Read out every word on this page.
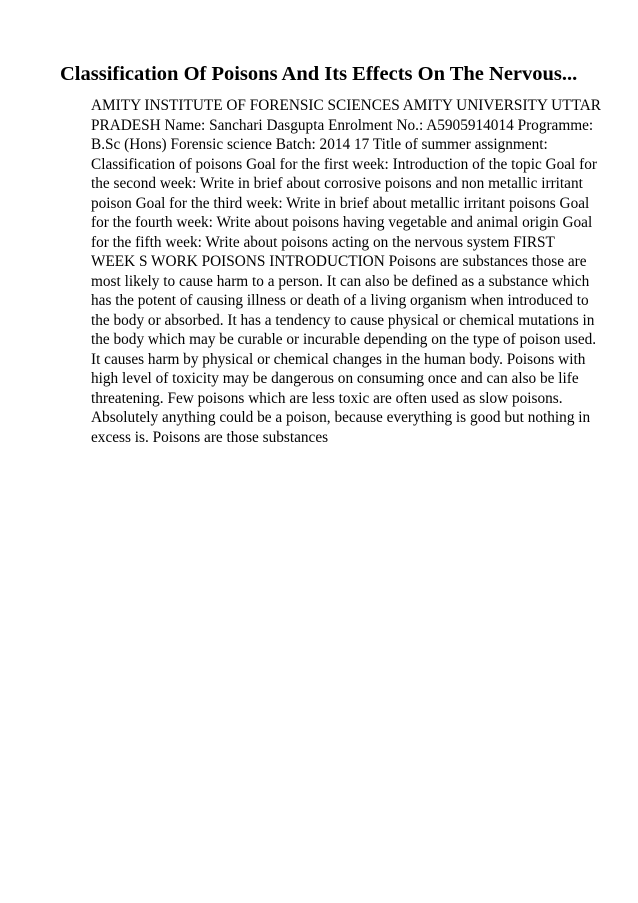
Classification Of Poisons And Its Effects On The Nervous...
AMITY INSTITUTE OF FORENSIC SCIENCES AMITY UNIVERSITY UTTAR
PRADESH Name: Sanchari Dasgupta Enrolment No.: A5905914014 Programme:
B.Sc (Hons) Forensic science Batch: 2014 17 Title of summer assignment:
Classification of poisons Goal for the first week: Introduction of the topic Goal for
the second week: Write in brief about corrosive poisons and non metallic irritant
poison Goal for the third week: Write in brief about metallic irritant poisons Goal
for the fourth week: Write about poisons having vegetable and animal origin Goal
for the fifth week: Write about poisons acting on the nervous system FIRST
WEEK S WORK POISONS INTRODUCTION Poisons are substances those are
most likely to cause harm to a person. It can also be defined as a substance which
has the potent of causing illness or death of a living organism when introduced to
the body or absorbed. It has a tendency to cause physical or chemical mutations in
the body which may be curable or incurable depending on the type of poison used.
It causes harm by physical or chemical changes in the human body. Poisons with
high level of toxicity may be dangerous on consuming once and can also be life
threatening. Few poisons which are less toxic are often used as slow poisons.
Absolutely anything could be a poison, because everything is good but nothing in
excess is. Poisons are those substances
